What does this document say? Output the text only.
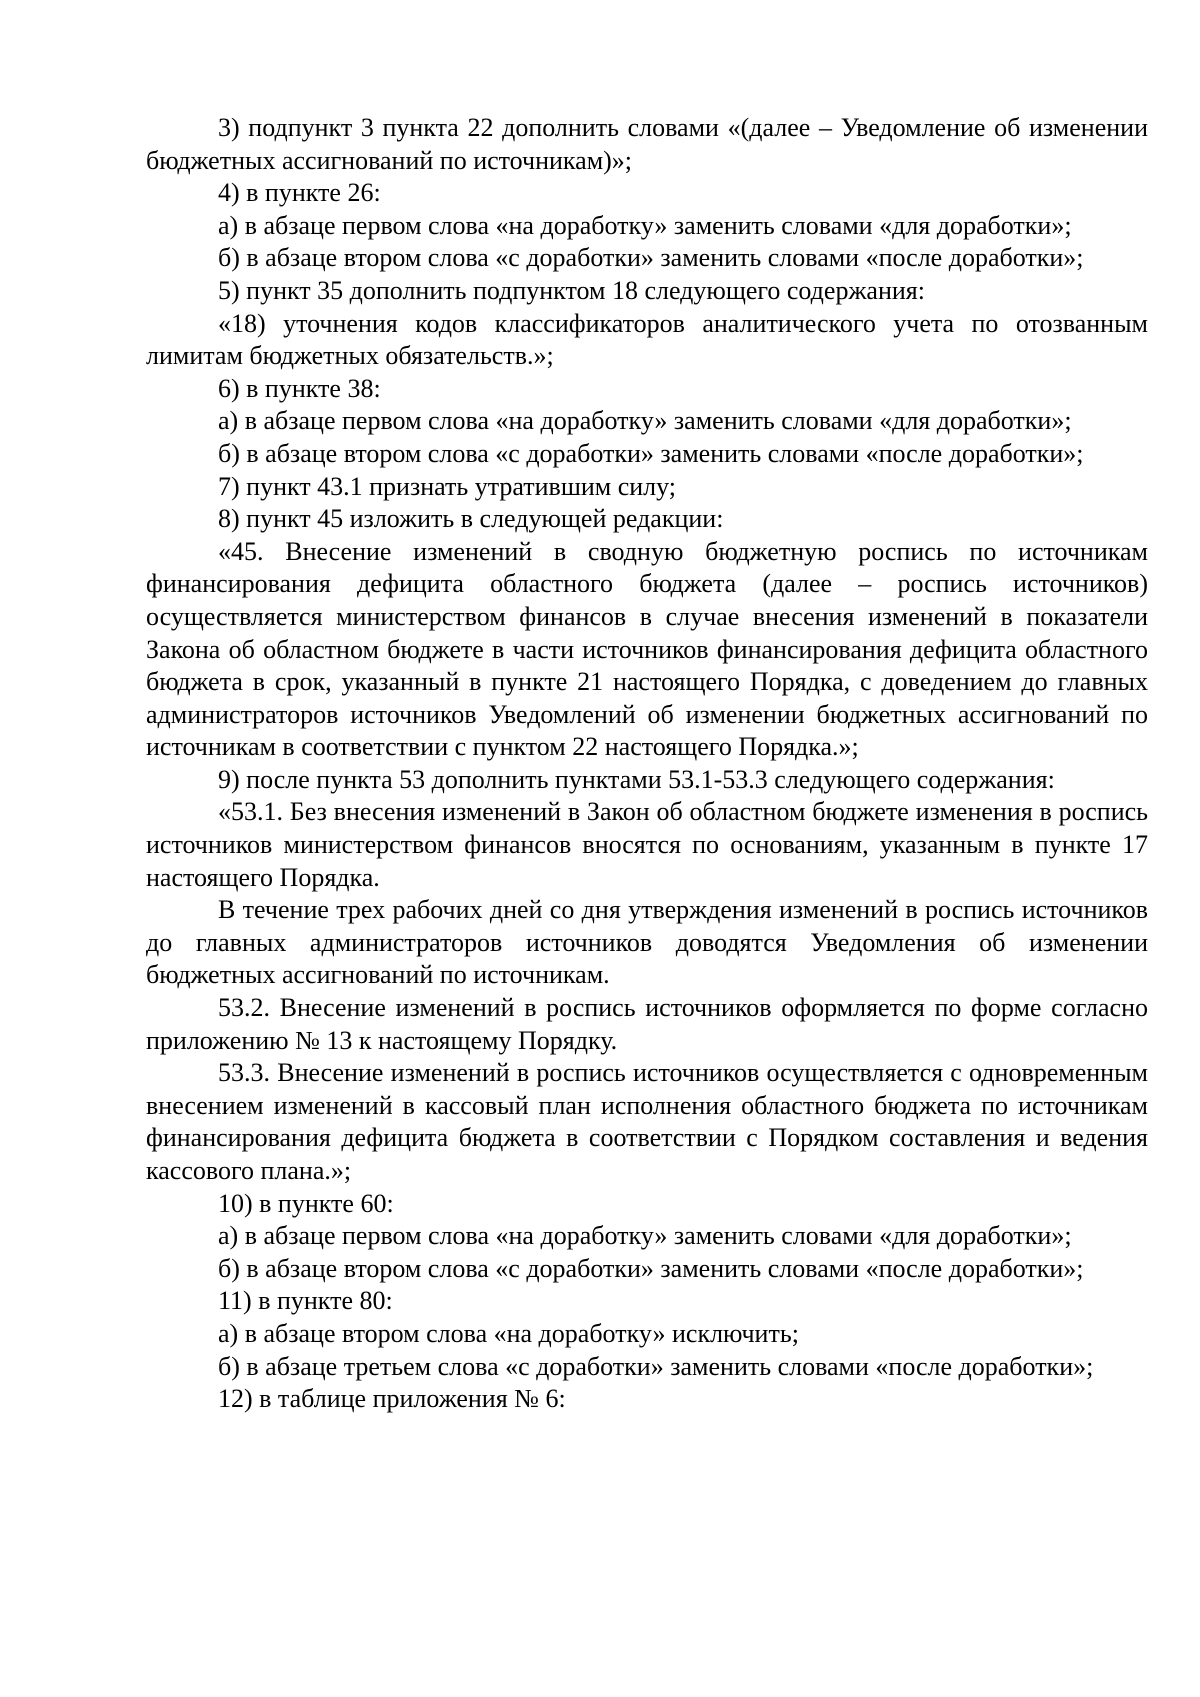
3) подпункт 3 пункта 22 дополнить словами «(далее – Уведомление об изменении бюджетных ассигнований по источникам)»;

4) в пункте 26:

а) в абзаце первом слова «на доработку» заменить словами «для доработки»;

б) в абзаце втором слова «с доработки» заменить словами «после доработки»;

5) пункт 35 дополнить подпунктом 18 следующего содержания:

«18) уточнения кодов классификаторов аналитического учета по отозванным лимитам бюджетных обязательств.»;

6) в пункте 38:

а) в абзаце первом слова «на доработку» заменить словами «для доработки»;

б) в абзаце втором слова «с доработки» заменить словами «после доработки»;

7) пункт 43.1 признать утратившим силу;

8) пункт 45 изложить в следующей редакции:

«45. Внесение изменений в сводную бюджетную роспись по источникам финансирования дефицита областного бюджета (далее – роспись источников) осуществляется министерством финансов в случае внесения изменений в показатели Закона об областном бюджете в части источников финансирования дефицита областного бюджета в срок, указанный в пункте 21 настоящего Порядка, с доведением до главных администраторов источников Уведомлений об изменении бюджетных ассигнований по источникам в соответствии с пунктом 22 настоящего Порядка.»;

9) после пункта 53 дополнить пунктами 53.1-53.3 следующего содержания:

«53.1. Без внесения изменений в Закон об областном бюджете изменения в роспись источников министерством финансов вносятся по основаниям, указанным в пункте 17 настоящего Порядка.

В течение трех рабочих дней со дня утверждения изменений в роспись источников до главных администраторов источников доводятся Уведомления об изменении бюджетных ассигнований по источникам.

53.2. Внесение изменений в роспись источников оформляется по форме согласно приложению № 13 к настоящему Порядку.

53.3. Внесение изменений в роспись источников осуществляется с одновременным внесением изменений в кассовый план исполнения областного бюджета по источникам финансирования дефицита бюджета в соответствии с Порядком составления и ведения кассового плана.»;

10) в пункте 60:

а) в абзаце первом слова «на доработку» заменить словами «для доработки»;

б) в абзаце втором слова «с доработки» заменить словами «после доработки»;

11) в пункте 80:

а) в абзаце втором слова «на доработку» исключить;

б) в абзаце третьем слова «с доработки» заменить словами «после доработки»;

12) в таблице приложения № 6:
